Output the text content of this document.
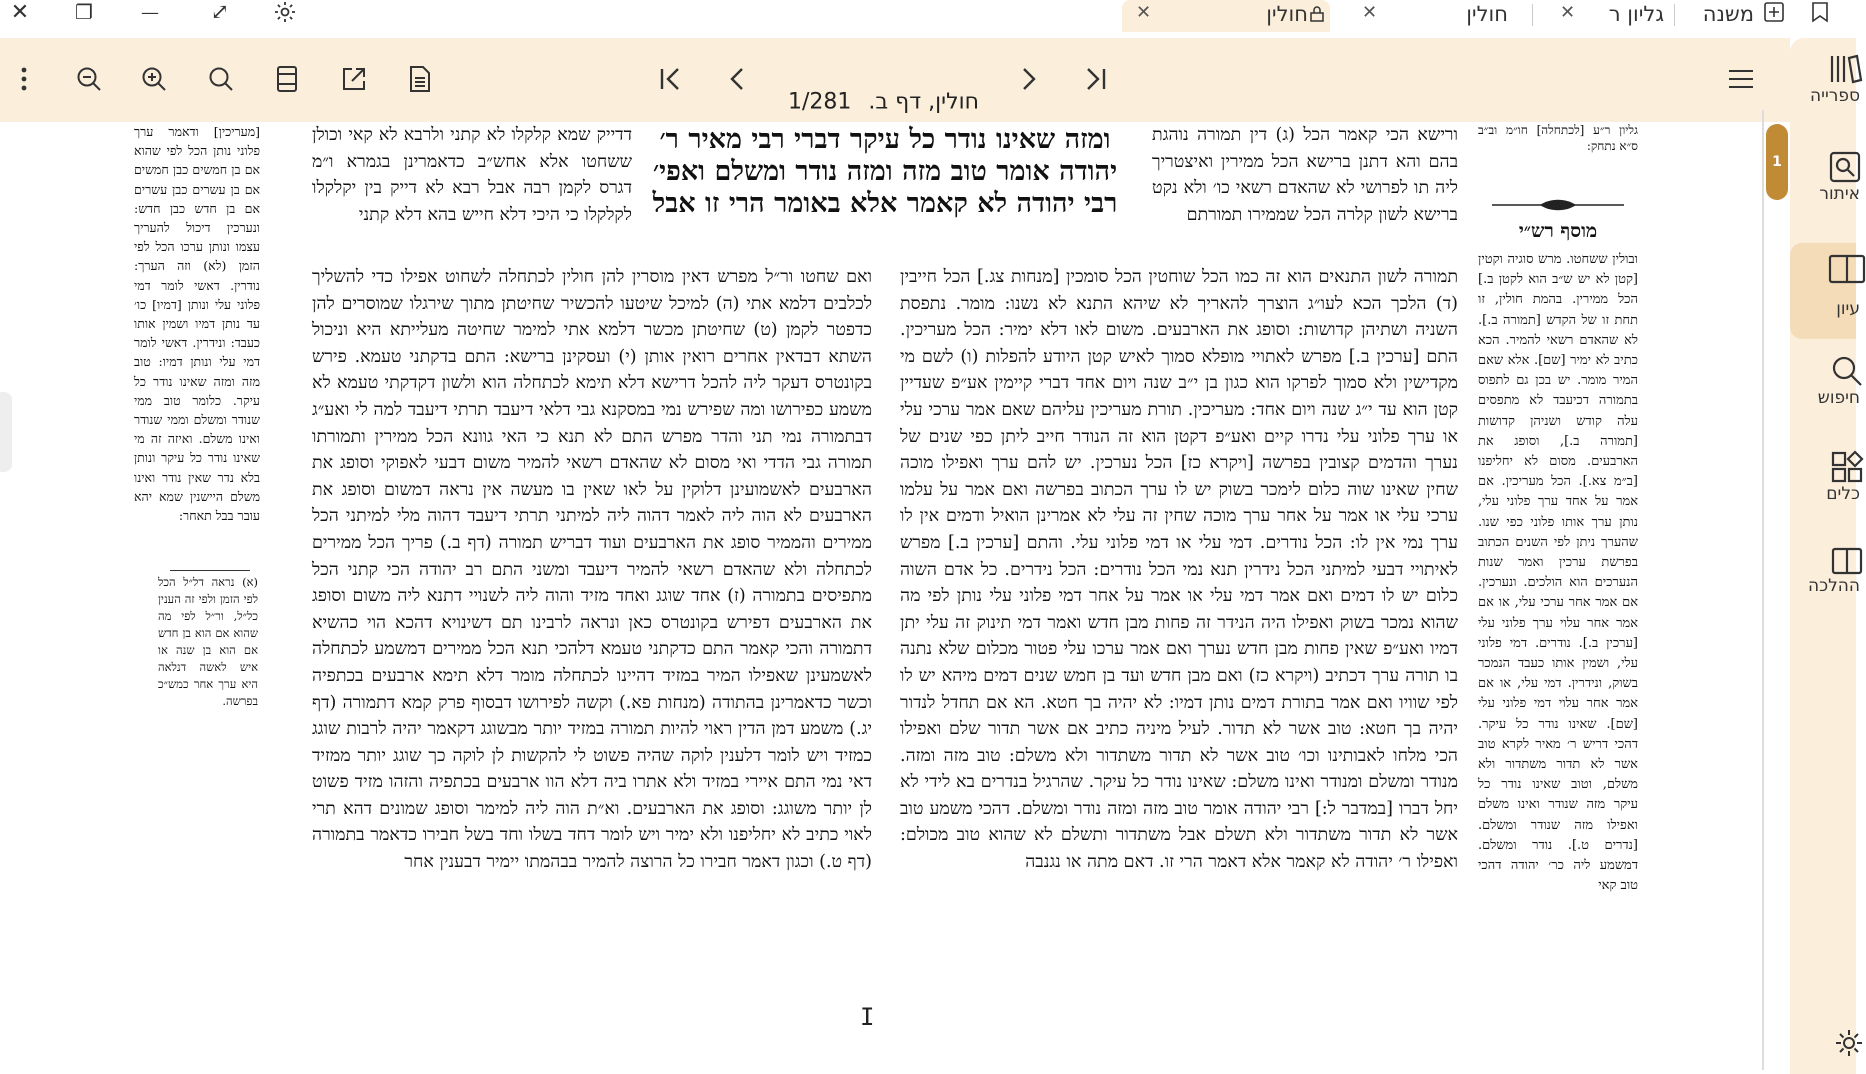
✕ ❐	— ⤢	✕	חולין	✕	חולין	✕ גליון ר משנה
חולין, דף ב. 1/281

[מעריכין] ודאמר ערך פלוני נותן הכל לפי שהוא אם בן חמשים כבן חמשים אם בן עשרים כבן עשרים אם בן חדש כבן חדש: ונערכין דיכול להעריך עצמו ונותן ערכו הכל לפי הזמן (לא) וזה הערך: נודרין. דאשי לומר דמי פלוני עלי ונותן [דמיו] כו׳ עד נותן דמיו ושמין אותו כעבד: ונידרין. דאשי לומר דמי עלי ונותן דמיו: טוב מזה ומזה שאינו נודר כל עיקר. כלומר טוב ממי שנודר ומשלם וממי שנודר ואינו משלם. ואיזה זה מי שאינו נודר כל עיקר ונותן בלא נדר שאין נודר ואינו משלם היישנין שמא יהא עובר בבל תאחר:

(א) נראה דל״ל הכל לפי הזמן ולפי זה הענין כל״ל, ור״ל לפי מה שהוא אם הוא בן חדש אם הוא בן שנה או איש לאשה דנלאה היא ערך אחר כמש״כ בפרשה.

דדייק שמא קלקלו לא קתני ולרבא לא קאי וכולן ששחטו אלא אחש״ב כדאמרינן בגמרא ו״מ דגרס לקמן רבה אבל רבא לא דייק בין יקלקלו לקלקלו כי היכי דלא חייש בהא דלא קתני

ומזה שאינו נודר כל עיקר דברי רבי מאיר ר׳ יהודה אומר טוב מזה ומזה נודר ומשלם ואפי׳ רבי יהודה לא קאמר אלא באומר הרי זו אבל

ורישא הכי קאמר הכל (ג) דין תמורה נוהגת בהם והא דתנן ברישא הכל ממירין ואיצטריך ליה תו לפרושי לא שהאדם רשאי כו׳ ולא נקט ברישא לשון קלרה הכל שממירו תמורתם

ואם שחטו ור״ל מפרש דאין מוסרין להן חולין לכתחלה לשחוט אפילו כדי להשליך לכלבים דלמא אתי (ה) למיכל שיטעו להכשיר שחיטתן מתוך שירגלו שמוסרים להן כדפטר לקמן (ט) שחיטתן מכשר דלמא אתי למימר שחיטה מעלייתא היא וניכול השתא דבדאין אחרים רואין אותן (י) ועסקינן ברישא: התם בדקתני טעמא. פירש בקונטרס דעקר ליה להכל דרישא דלא תימא לכתחלה הוא ולשון דקדקתי טעמא לא משמע כפירושו ומה שפירש נמי במסקנא גבי דלאי דיעבד תרתי דיעבד למה לי ואע״ג דבתמורה נמי תני והדר מפרש התם לא תנא כי האי גוונא הכל ממירין ותמורתו תמורה גבי הדדי ואי מסום לא שהאדם רשאי להמיר משום דבעי לאפוקי וסופג את הארבעים לאשמועינן דלוקין על לאו שאין בו מעשה אין נראה דמשום וסופג את הארבעים לא הוה ליה לאמר דהוה ליה למיתני תרתי דיעבד דהוה מלי למיתני הכל ממירים והממיר סופג את הארבעים ועוד דבריש תמורה (דף ב.) פריך הכל ממירים לכתחלה ולא שהאדם רשאי להמיר דיעבד ומשני התם רב יהודה הכי קתני הכל מתפיסים בתמורה (ז) אחד שוגג ואחד מזיד והוה ליה לשנויי דתנא ליה משום וסופג את הארבעים דפירש בקונטרס כאן ונראה לרבינו תם דשינויא דהכא הוי כהשיא דתמורה והכי קאמר התם כדקתני טעמא דלהכי תנא הכל ממירים דמשמע לכתחלה לאשמעינן שאפילו המיר במזיד דהיינו לכתחלה מומר דלא תימא ארבעים בכתפיה וכשר כדאמרינן בהתודה (מנחות פא.) וקשה לפירושו דבסוף פרק קמא דתמורה (דף יג.) משמע דמן הדין ראוי להיות תמורה במזיד יותר מבשוגג דקאמר יהיה לרבות שוגג כמזיד ויש לומר דלענין לוקה שהיה פשוט לי להקשות לן לוקה כך שוגג יותר ממזיד דאי נמי התם איירי במזיד ולא אתרו ביה דלא הוו ארבעים בכתפיה והזהו מזיד פשוט לן יותר משוגג: וסופג את הארבעים. וא״ת הוה ליה למימר וסופג שמונים דהא תרי לאוי כתיב לא יחליפנו ולא ימיר ויש לומר דחד בשלו וחד בשל חבירו כדאמר בתמורה (דף ט.) וכגון דאמר חבירו כל הרוצה להמיר בבהמתו יימיר דבענין אחר

תמורה לשון התנאים הוא זה כמו הכל שוחטין הכל סומכין [מנחות צג.] הכל חייבין (ד) הלכך הכא לעו״ג הוצרך להאריך לא שיהא התנא לא נשנו: מומר. נתפסת השניה ושתיהן קדושות: וסופג את הארבעים. משום לאו דלא ימיר: הכל מעריכין. התם [ערכין ב.] מפרש לאתויי מופלא סמוך לאיש קטן היודע להפלות (ו) לשם מי מקדישין ולא סמוך לפרקו הוא כגון בן י״ב שנה ויום אחד דברי קיימין אע״פ שעדיין קטן הוא עד י״ג שנה ויום אחד: מעריכין. תורת מעריכין עליהם שאם אמר ערכי עלי או ערך פלוני עלי נדרו קיים ואע״פ דקטן הוא זה הנודר חייב ליתן כפי שנים של נערך והדמים קצובין בפרשה [ויקרא כז] הכל נערכין. יש להם ערך ואפילו מוכה שחין שאינו שוה כלום לימכר בשוק יש לו ערך הכתוב בפרשה ואם אמר על עלמו ערכי עלי או אמר על אחר ערך מוכה שחין זה עלי לא אמרינן הואיל ודמים אין לו ערך נמי אין לו: הכל נודרים. דמי עלי או דמי פלוני עלי. והתם [ערכין ב.] מפרש לאיתויי דבעי למיתני הכל נידרין תנא נמי הכל נודרים: הכל נידרים. כל אדם השוה כלום יש לו דמים ואם אמר דמי עלי או אמר על אחר דמי פלוני עלי נותן לפי מה שהוא נמכר בשוק ואפילו היה הנידר זה פחות מבן חדש ואמר דמי תינוק זה עלי יתן דמיו ואע״פ שאין פחות מבן חדש נערך ואם אמר ערכו עלי פטור מכלום שלא נתנה בו תורה ערך דכתיב (ויקרא כז) ואם מבן חדש ועד בן חמש שנים דמים מיהא יש לו לפי שוויו ואם אמר בתורת דמים נותן דמיו: לא יהיה בך חטא. הא אם תחדל לנדור יהיה בך חטא: טוב אשר לא תדור. לעיל מיניה כתיב אם אשר תדור שלם ואפילו הכי מלחו לאבותינו וכו׳ טוב אשר לא תדור משתדור ולא משלם: טוב מזה ומזה. מנודר ומשלם ומנודר ואינו משלם: שאינו נודר כל עיקר. שהרגיל בנדרים בא לידי לא יחל דברו [במדבר ל:] רבי יהודה אומר טוב מזה ומזה נודר ומשלם. דהכי משמע טוב אשר לא תדור משתדור ולא תשלם אבל משתדור ותשלם לא שהוא טוב מכולם: ואפילו ר׳ יהודה לא קאמר אלא דאמר הרי זו. דאם מתה או נגנבה

גליון ר״ע [לכתחלה] חו״מ וב״ב ס״א נתחק:

מוסף רש״י

ובולין ששחטו. מרש סוגיה וקטין [קטן לא יש ש״ב הוא לקטן ב.] הכל ממירין. בהמת חולין, זו תחת זו של הקדש [תמורה ב.]. לא שהאדם רשאי להמיר. הכא כתיב לא ימיר [שם]. אלא שאם המיר מומר. יש בכן גם לתפוס בתמורה דכיעבד לא מתפסים עלה קודש ושניהן קדושות [תמורה ב.], וסופג את הארבעים. מסום לא יחליפנו [ב״מ צא.]. הכל מעריכין. אם אמר על אחד ערך פלוני עלי, נותן ערך אותו פלוני כפי שנו. שהערך ניתן לפי השנים הכתוב בפרשת ערכין ואמר שנות הנערכים הוא הולכים. ונערכין. אם אמר אחר ערכי עלי, או אם אמר אחר עלוי ערך פלוני עלי [ערכין ב.]. נודרים. דמי פלוני עלי, ושמין אותו כעבד הנמכר בשוק, ונידרין. דמי עלי, או אם אמר אחר עלוי דמי פלוני עלי [שם]. שאינו נודר כל עיקר. דהכי דריש ר׳ מאיר לקרא טוב אשר לא תדור משתדור ולא משלם, וטוב שאינו נודר כל עיקר מזה שנודר ואינו משלם ואפילו מזה שנודר ומשלם. [נדרים ט.]. נודר ומשלם. דמשמע ליה כר׳ יהודה דהכי טוב קאי

1
I
ספרייה
איתור
עיון
חיפוש
כלים
ההלכה
